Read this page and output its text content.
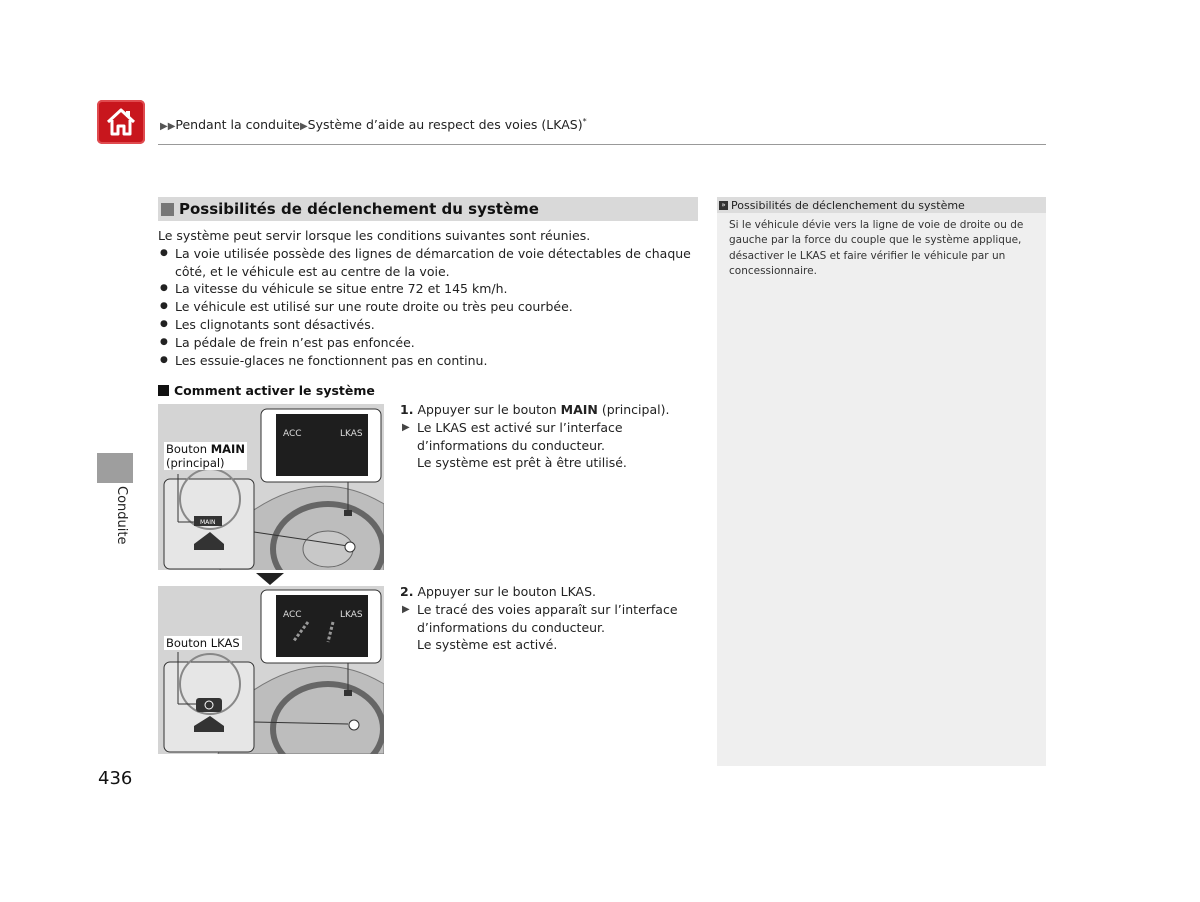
▶▶Pendant la conduite▶Système d’aide au respect des voies (LKAS)*
Conduite
436
Possibilités de déclenchement du système

Le système peut servir lorsque les conditions suivantes sont réunies.

● La voie utilisée possède des lignes de démarcation de voie détectables de chaque côté, et le véhicule est au centre de la voie.
● La vitesse du véhicule se situe entre 72 et 145 km/h.
● Le véhicule est utilisé sur une route droite ou très peu courbée.
● Les clignotants sont désactivés.
● La pédale de frein n’est pas enfoncée.
● Les essuie-glaces ne fonctionnent pas en continu.
Comment activer le système
ACC	LKAS
MAIN
ACC	LKAS
Bouton MAIN
(principal)
Bouton LKAS
1. Appuyer sur le bouton MAIN (principal).
▶ Le LKAS est activé sur l’interface
d’informations du conducteur.
Le système est prêt à être utilisé.
2. Appuyer sur le bouton LKAS.
▶ Le tracé des voies apparaît sur l’interface
d’informations du conducteur.
Le système est activé.
» Possibilités de déclenchement du système
Si le véhicule dévie vers la ligne de voie de droite ou de gauche par la force du couple que le système applique, désactiver le LKAS et faire vérifier le véhicule par un concessionnaire.
